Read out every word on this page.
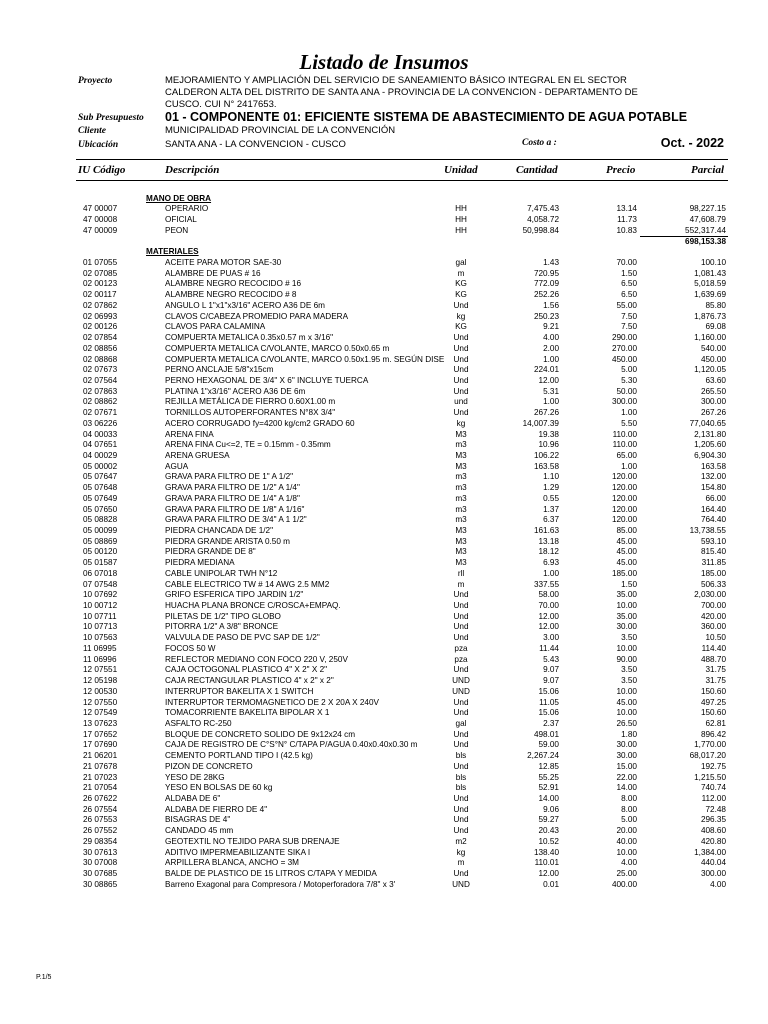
Listado de Insumos
Proyecto	MEJORAMIENTO Y AMPLIACIÓN DEL SERVICIO DE SANEAMIENTO BÁSICO INTEGRAL EN EL SECTOR
CALDERON ALTA DEL DISTRITO DE SANTA ANA - PROVINCIA DE LA CONVENCION - DEPARTAMENTO DE
CUSCO. CUI N° 2417653.
Sub Presupuesto 01 - COMPONENTE 01: EFICIENTE SISTEMA DE ABASTECIMIENTO DE AGUA POTABLE
Cliente	MUNICIPALIDAD PROVINCIAL DE LA CONVENCIÓN
Ubicación	SANTA ANA - LA CONVENCION - CUSCO	Costo a :	Oct. - 2022
IU Código	Descripción	Unidad	Cantidad	Precio	Parcial
MANO DE OBRA
47 00007	OPERARIO	HH	7,475.43	13.14	98,227.15
47 00008	OFICIAL	HH	4,058.72	11.73	47,608.79
47 00009	PEON	HH	50,998.84	10.83	552,317.44
698,153.38
MATERIALES
01 07055	ACEITE PARA MOTOR SAE-30	gal	1.43	70.00	100.10
02 07085	ALAMBRE DE PUAS # 16	m	720.95	1.50	1,081.43
02 00123	ALAMBRE NEGRO RECOCIDO # 16	KG	772.09	6.50	5,018.59
02 00117	ALAMBRE NEGRO RECOCIDO # 8	KG	252.26	6.50	1,639.69
02 07862	ANGULO L 1"x1"x3/16" ACERO A36 DE 6m	Und	1.56	55.00	85.80
02 06993	CLAVOS C/CABEZA PROMEDIO PARA MADERA	kg	250.23	7.50	1,876.73
02 00126	CLAVOS PARA CALAMINA	KG	9.21	7.50	69.08
02 07854	COMPUERTA METALICA 0.35x0.57 m x 3/16"	Und	4.00	290.00	1,160.00
02 08856	COMPUERTA METALICA C/VOLANTE, MARCO 0.50x0.65 m	Und	2.00	270.00	540.00
02 08868	COMPUERTA METALICA C/VOLANTE, MARCO 0.50x1.95 m. SEGÚN DISE	Und	1.00	450.00	450.00
02 07673	PERNO ANCLAJE 5/8"x15cm	Und	224.01	5.00	1,120.05
02 07564	PERNO HEXAGONAL DE 3/4" X 6" INCLUYE TUERCA	Und	12.00	5.30	63.60
02 07863	PLATINA 1"x3/16" ACERO A36 DE 6m	Und	5.31	50.00	265.50
02 08862	REJILLA METÁLICA DE FIERRO 0.60X1.00 m	und	1.00	300.00	300.00
02 07671	TORNILLOS AUTOPERFORANTES N°8X 3/4"	Und	267.26	1.00	267.26
03 06226	ACERO CORRUGADO fy=4200 kg/cm2 GRADO 60	kg	14,007.39	5.50	77,040.65
04 00033	ARENA FINA	M3	19.38	110.00	2,131.80
04 07651	ARENA FINA Cu<=2, TE = 0.15mm - 0.35mm	m3	10.96	110.00	1,205.60
04 00029	ARENA GRUESA	M3	106.22	65.00	6,904.30
05 00002	AGUA	M3	163.58	1.00	163.58
05 07647	GRAVA PARA FILTRO DE 1" A 1/2"	m3	1.10	120.00	132.00
05 07648	GRAVA PARA FILTRO DE 1/2" A 1/4"	m3	1.29	120.00	154.80
05 07649	GRAVA PARA FILTRO DE 1/4" A 1/8"	m3	0.55	120.00	66.00
05 07650	GRAVA PARA FILTRO DE 1/8" A 1/16"	m3	1.37	120.00	164.40
05 08828	GRAVA PARA FILTRO DE 3/4" A 1 1/2"	m3	6.37	120.00	764.40
05 00099	PIEDRA CHANCADA DE 1/2"	M3	161.63	85.00	13,738.55
05 08869	PIEDRA GRANDE ARISTA 0.50 m	M3	13.18	45.00	593.10
05 00120	PIEDRA GRANDE DE 8"	M3	18.12	45.00	815.40
05 01587	PIEDRA MEDIANA	M3	6.93	45.00	311.85
06 07018	CABLE UNIPOLAR TWH N°12	rll	1.00	185.00	185.00
07 07548	CABLE ELECTRICO TW # 14 AWG 2.5 MM2	m	337.55	1.50	506.33
10 07692	GRIFO ESFERICA TIPO JARDIN 1/2"	Und	58.00	35.00	2,030.00
10 00712	HUACHA PLANA BRONCE C/ROSCA+EMPAQ.	Und	70.00	10.00	700.00
10 07711	PILETAS DE 1/2" TIPO GLOBO	Und	12.00	35.00	420.00
10 07713	PITORRA 1/2" A 3/8" BRONCE	Und	12.00	30.00	360.00
10 07563	VALVULA DE PASO DE PVC SAP DE 1/2"	Und	3.00	3.50	10.50
11 06995	FOCOS 50 W	pza	11.44	10.00	114.40
11 06996	REFLECTOR MEDIANO CON FOCO 220 V, 250V	pza	5.43	90.00	488.70
12 07551	CAJA OCTOGONAL PLASTICO 4" X 2" X 2"	Und	9.07	3.50	31.75
12 05198	CAJA RECTANGULAR PLASTICO 4" x 2" x 2"	UND	9.07	3.50	31.75
12 00530	INTERRUPTOR BAKELITA X 1 SWITCH	UND	15.06	10.00	150.60
12 07550	INTERRUPTOR TERMOMAGNETICO DE 2 X 20A X 240V	Und	11.05	45.00	497.25
12 07549	TOMACORRIENTE BAKELITA BIPOLAR X 1	Und	15.06	10.00	150.60
13 07623	ASFALTO RC-250	gal	2.37	26.50	62.81
17 07652	BLOQUE DE CONCRETO SOLIDO DE 9x12x24 cm	Und	498.01	1.80	896.42
17 07690	CAJA DE REGISTRO DE C°S°N° C/TAPA P/AGUA 0.40x0.40x0.30 m	Und	59.00	30.00	1,770.00
21 06201	CEMENTO PORTLAND TIPO I (42.5 kg)	bls	2,267.24	30.00	68,017.20
21 07678	PIZON DE CONCRETO	Und	12.85	15.00	192.75
21 07023	YESO DE 28KG	bls	55.25	22.00	1,215.50
21 07054	YESO EN BOLSAS DE 60 kg	bls	52.91	14.00	740.74
26 07622	ALDABA DE 6"	Und	14.00	8.00	112.00
26 07554	ALDABA DE FIERRO DE 4"	Und	9.06	8.00	72.48
26 07553	BISAGRAS DE 4"	Und	59.27	5.00	296.35
26 07552	CANDADO 45 mm	Und	20.43	20.00	408.60
29 08354	GEOTEXTIL NO TEJIDO PARA SUB DRENAJE	m2	10.52	40.00	420.80
30 07613	ADITIVO IMPERMEABILIZANTE SIKA I	kg	138.40	10.00	1,384.00
30 07008	ARPILLERA BLANCA, ANCHO = 3M	m	110.01	4.00	440.04
30 07685	BALDE DE PLASTICO DE 15 LITROS C/TAPA Y MEDIDA	Und	12.00	25.00	300.00
30 08865	Barreno Exagonal para Compresora / Motoperforadora 7/8" x 3'	UND	0.01	400.00	4.00
P.1/5
